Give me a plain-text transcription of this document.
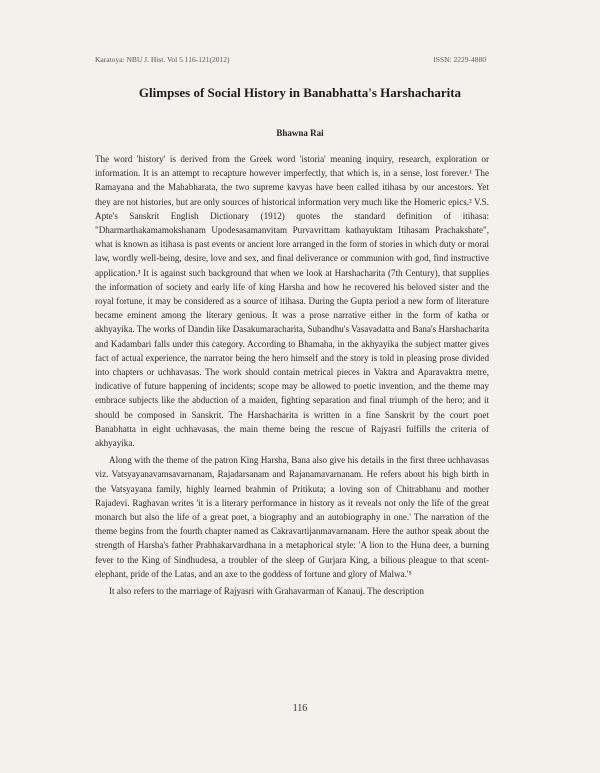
Karatoya: NBU J. Hist. Vol 5 116-121(2012)	ISSN: 2229-4880
Glimpses of Social History in Banabhatta's Harshacharita
Bhawna Rai

The word 'history' is derived from the Greek word 'istoria' meaning inquiry, research, exploration or information. It is an attempt to recapture however imperfectly, that which is, in a sense, lost forever.¹ The Ramayana and the Mahabharata, the two supreme kavyas have been called itihasa by our ancestors. Yet they are not histories, but are only sources of historical information very much like the Homeric epics.² V.S. Apte's Sanskrit English Dictionary (1912) quotes the standard definition of itihasa: "Dharmarthakamamokshanam Upodesasamanvitam Purvavrittam kathayuktam Itihasam Prachakshate", what is known as itihasa is past events or ancient lore arranged in the form of stories in which duty or moral law, wordly well-being, desire, love and sex, and final deliverance or communion with god, find instructive application.³ It is against such background that when we look at Harshacharita (7th Century), that supplies the information of society and early life of king Harsha and how he recovered his beloved sister and the royal fortune, it may be considered as a source of itihasa. During the Gupta period a new form of literature became eminent among the literary genious. It was a prose narrative either in the form of katha or akhyayika. The works of Dandin like Dasakumaracharita, Subandhu's Vasavadatta and Bana's Harshacharita and Kadambari falls under this category. According to Bhamaha, in the akhyayika the subject matter gives fact of actual experience, the narrator being the hero himself and the story is told in pleasing prose divided into chapters or uchhavasas. The work should contain metrical pieces in Vaktra and Aparavaktra metre, indicative of future happening of incidents; scope may be allowed to poetic invention, and the theme may embrace subjects like the abduction of a maiden, fighting separation and final triumph of the hero; and it should be composed in Sanskrit. The Harshacharita is written in a fine Sanskrit by the court poet Banabhatta in eight uchhavasas, the main theme being the rescue of Rajyasri fulfills the criteria of akhyayika.

Along with the theme of the patron King Harsha, Bana also give his details in the first three uchhavasas viz. Vatsyayanavamsavarnanam, Rajadarsanam and Rajanamavarnanam. He refers about his high birth in the Vatsyayana family, highly learned brahmin of Pritikuta; a loving son of Chitrabhanu and mother Rajadevi. Raghavan writes 'it is a literary performance in history as it reveals not only the life of the great monarch but also the life of a great poet, a biography and an autobiography in one.' The narration of the theme begins from the fourth chapter named as Cakravartijanmavarnanam. Here the author speak about the strength of Harsha's father Prabhakarvardhana in a metaphorical style: 'A lion to the Huna deer, a burning fever to the King of Sindhudesa, a troubler of the sleep of Gurjara King, a bilious pleague to that scent-elephant, pride of the Latas, and an axe to the goddess of fortune and glory of Malwa.'⁵

It also refers to the marriage of Rajyasri with Grahavarman of Kanauj. The description

116
